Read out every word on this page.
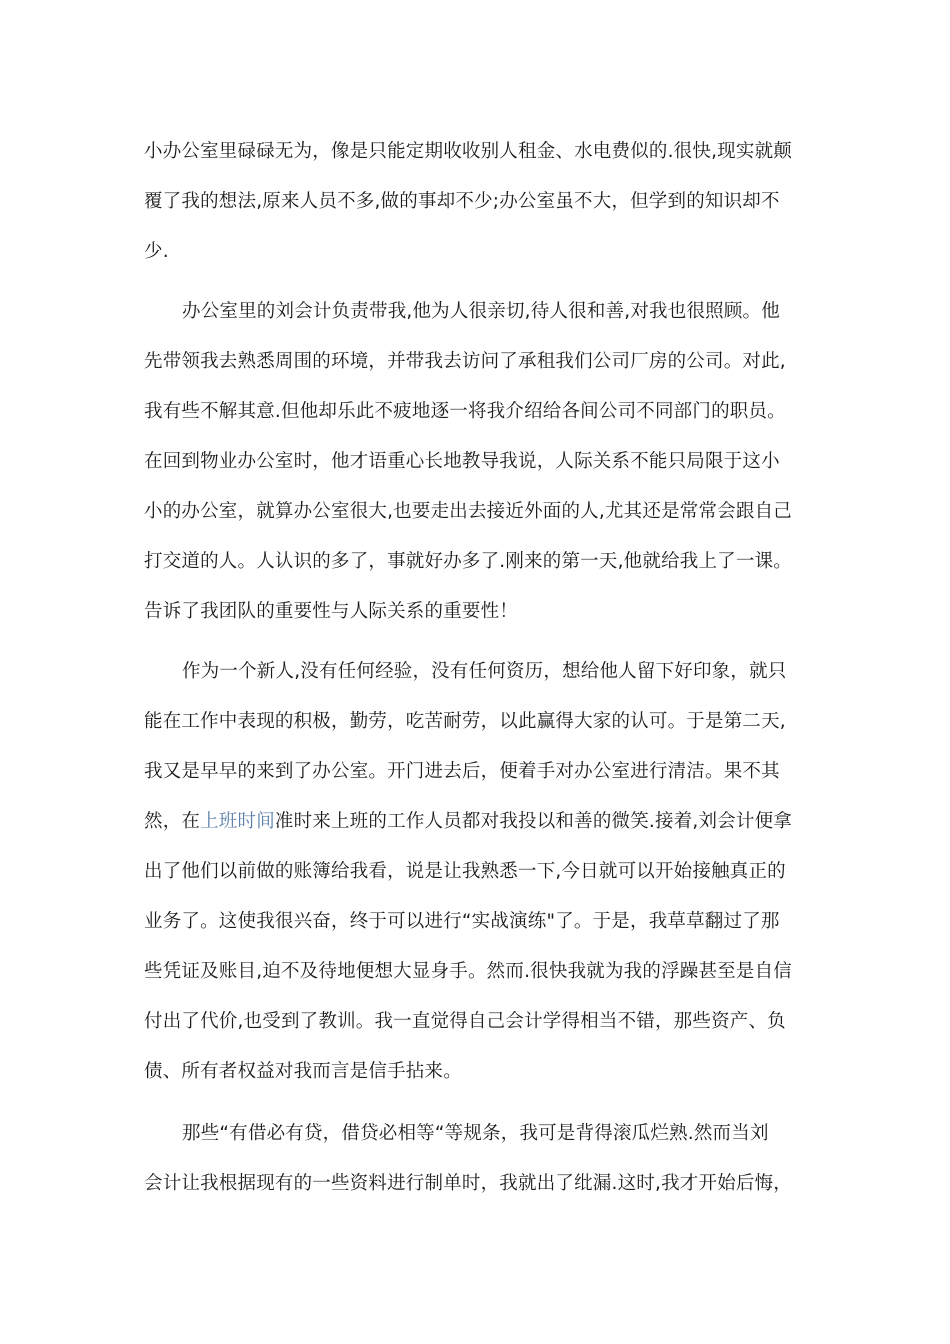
小办公室里碌碌无为，像是只能定期收收别人租金、水电费似的.很快,现实就颠
覆了我的想法,原来人员不多,做的事却不少;办公室虽不大，但学到的知识却不
少.
办公室里的刘会计负责带我,他为人很亲切,待人很和善,对我也很照顾。他
先带领我去熟悉周围的环境，并带我去访问了承租我们公司厂房的公司。对此,
我有些不解其意.但他却乐此不疲地逐一将我介绍给各间公司不同部门的职员。
在回到物业办公室时，他才语重心长地教导我说，人际关系不能只局限于这小
小的办公室，就算办公室很大,也要走出去接近外面的人,尤其还是常常会跟自己
打交道的人。人认识的多了，事就好办多了.刚来的第一天,他就给我上了一课。
告诉了我团队的重要性与人际关系的重要性！
作为一个新人,没有任何经验，没有任何资历，想给他人留下好印象，就只
能在工作中表现的积极，勤劳，吃苦耐劳，以此赢得大家的认可。于是第二天,
我又是早早的来到了办公室。开门进去后，便着手对办公室进行清洁。果不其
然，在上班时间准时来上班的工作人员都对我投以和善的微笑.接着,刘会计便拿
出了他们以前做的账簿给我看，说是让我熟悉一下,今日就可以开始接触真正的
业务了。这使我很兴奋，终于可以进行“实战演练"了。于是，我草草翻过了那
些凭证及账目,迫不及待地便想大显身手。然而.很快我就为我的浮躁甚至是自信
付出了代价,也受到了教训。我一直觉得自己会计学得相当不错，那些资产、负
债、所有者权益对我而言是信手拈来。
那些“有借必有贷，借贷必相等“等规条，我可是背得滚瓜烂熟.然而当刘
会计让我根据现有的一些资料进行制单时，我就出了纰漏.这时,我才开始后悔，
